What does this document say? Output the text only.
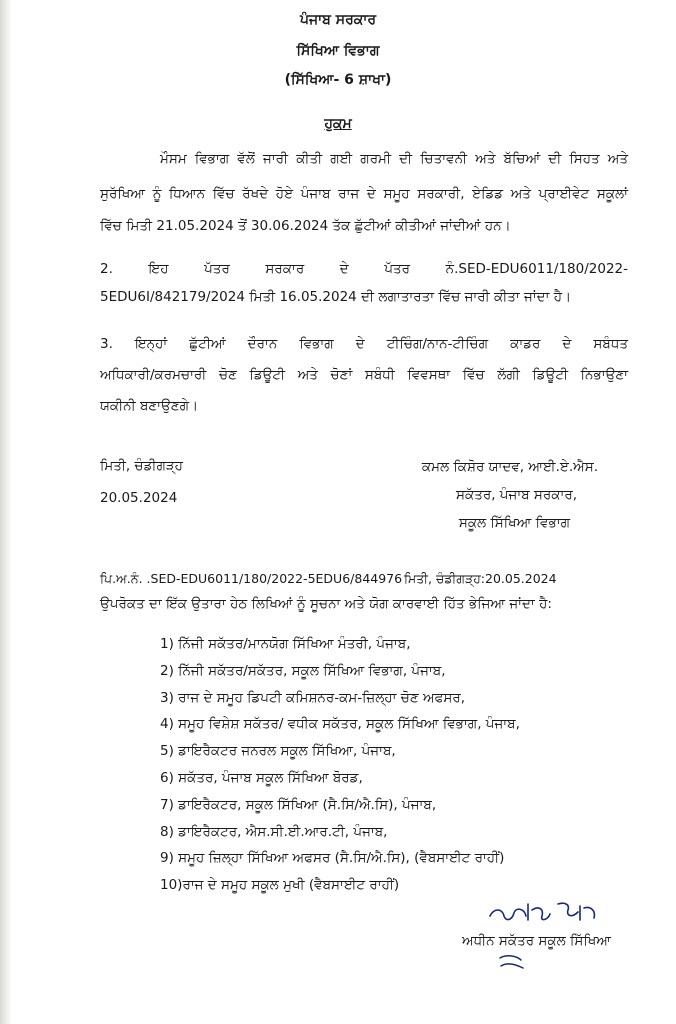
ਪੰਜਾਬ ਸਰਕਾਰ
ਸਿੱਖਿਆ ਵਿਭਾਗ
(ਸਿੱਖਿਆ- 6 ਸ਼ਾਖਾ)
ਹੁਕਮ
ਮੌਸਮ ਵਿਭਾਗ ਵੱਲੋਂ ਜਾਰੀ ਕੀਤੀ ਗਈ ਗਰਮੀ ਦੀ ਚਿਤਾਵਨੀ ਅਤੇ ਬੱਚਿਆਂ ਦੀ ਸਿਹਤ ਅਤੇ
ਸੁਰੱਖਿਆ ਨੂੰ ਧਿਆਨ ਵਿੱਚ ਰੱਖਦੇ ਹੋਏ ਪੰਜਾਬ ਰਾਜ ਦੇ ਸਮੂਹ ਸਰਕਾਰੀ, ਏਡਿਡ ਅਤੇ ਪ੍ਰਾਈਵੇਟ ਸਕੂਲਾਂ
ਵਿੱਚ ਮਿਤੀ 21.05.2024 ਤੋਂ 30.06.2024 ਤੱਕ ਛੁੱਟੀਆਂ ਕੀਤੀਆਂ ਜਾਂਦੀਆਂ ਹਨ।
2. ਇਹ ਪੱਤਰ ਸਰਕਾਰ ਦੇ ਪੱਤਰ ਨੰ.SED-EDU6011/180/2022-
5EDU6I/842179/2024 ਮਿਤੀ 16.05.2024 ਦੀ ਲਗਾਤਾਰਤਾ ਵਿੱਚ ਜਾਰੀ ਕੀਤਾ ਜਾਂਦਾ ਹੈ।
3. ਇਨ੍ਹਾਂ ਛੁੱਟੀਆਂ ਦੌਰਾਨ ਵਿਭਾਗ ਦੇ ਟੀਚਿੰਗ/ਨਾਨ-ਟੀਚਿੰਗ ਕਾਡਰ ਦੇ ਸਬੰਧਤ
ਅਧਿਕਾਰੀ/ਕਰਮਚਾਰੀ ਚੋਣ ਡਿਊਟੀ ਅਤੇ ਚੋਣਾਂ ਸਬੰਧੀ ਵਿਵਸਥਾ ਵਿੱਚ ਲੱਗੀ ਡਿਊਟੀ ਨਿਭਾਉਣਾ
ਯਕੀਨੀ ਬਣਾਉਣਗੇ।
ਮਿਤੀ, ਚੰਡੀਗੜ੍ਹ
20.05.2024
ਕਮਲ ਕਿਸ਼ੋਰ ਯਾਦਵ, ਆਈ.ਏ.ਐਸ.
ਸਕੱਤਰ, ਪੰਜਾਬ ਸਰਕਾਰ,
ਸਕੂਲ ਸਿੱਖਿਆ ਵਿਭਾਗ
ਪਿ.ਅ.ਨੰ. .SED-EDU6011/180/2022-5EDU6/844976 ਮਿਤੀ, ਚੰਡੀਗੜ੍ਹ:20.05.2024
ਉਪਰੋਕਤ ਦਾ ਇੱਕ ਉਤਾਰਾ ਹੇਠ ਲਿਖਿਆਂ ਨੂੰ ਸੂਚਨਾ ਅਤੇ ਯੋਗ ਕਾਰਵਾਈ ਹਿੱਤ ਭੇਜਿਆ ਜਾਂਦਾ ਹੈ:
1) ਨਿੱਜੀ ਸਕੱਤਰ/ਮਾਨਯੋਗ ਸਿੱਖਿਆ ਮੰਤਰੀ, ਪੰਜਾਬ,
2) ਨਿੱਜੀ ਸਕੱਤਰ/ਸਕੱਤਰ, ਸਕੂਲ ਸਿੱਖਿਆ ਵਿਭਾਗ, ਪੰਜਾਬ,
3) ਰਾਜ ਦੇ ਸਮੂਹ ਡਿਪਟੀ ਕਮਿਸ਼ਨਰ-ਕਮ-ਜ਼ਿਲ੍ਹਾ ਚੋਣ ਅਫਸਰ,
4) ਸਮੂਹ ਵਿਸ਼ੇਸ਼ ਸਕੱਤਰ/ ਵਧੀਕ ਸਕੱਤਰ, ਸਕੂਲ ਸਿੱਖਿਆ ਵਿਭਾਗ, ਪੰਜਾਬ,
5) ਡਾਇਰੈਕਟਰ ਜਨਰਲ ਸਕੂਲ ਸਿੱਖਿਆ, ਪੰਜਾਬ,
6) ਸਕੱਤਰ, ਪੰਜਾਬ ਸਕੂਲ ਸਿੱਖਿਆ ਬੋਰਡ,
7) ਡਾਇਰੈਕਟਰ, ਸਕੂਲ ਸਿੱਖਿਆ (ਸੈ.ਸਿ/ਐ.ਸਿ), ਪੰਜਾਬ,
8) ਡਾਇਰੈਕਟਰ, ਐਸ.ਸੀ.ਈ.ਆਰ.ਟੀ, ਪੰਜਾਬ,
9) ਸਮੂਹ ਜ਼ਿਲ੍ਹਾ ਸਿੱਖਿਆ ਅਫਸਰ (ਸੈ.ਸਿ/ਐ.ਸਿ), (ਵੈਬਸਾਈਟ ਰਾਹੀਂ)
10)ਰਾਜ ਦੇ ਸਮੂਹ ਸਕੂਲ ਮੁਖੀ (ਵੈਬਸਾਈਟ ਰਾਹੀਂ)
ਅਧੀਨ ਸਕੱਤਰ ਸਕੂਲ ਸਿੱਖਿਆ
